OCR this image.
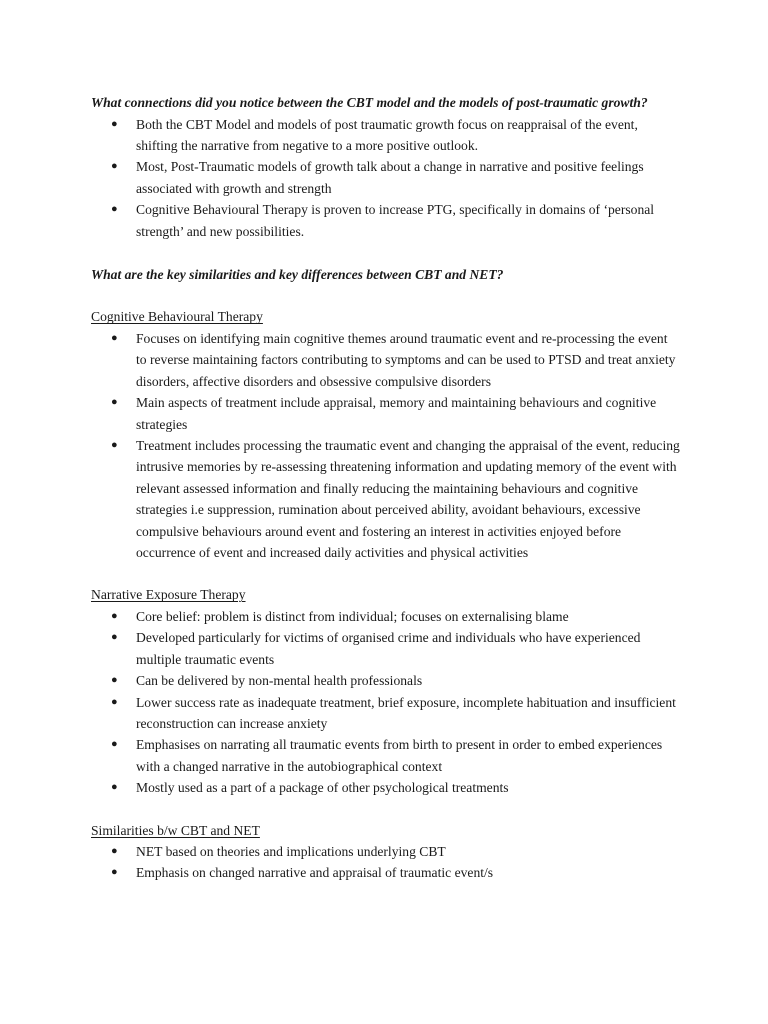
What connections did you notice between the CBT model and the models of post-traumatic growth?

● Both the CBT Model and models of post traumatic growth focus on reappraisal of the event, shifting the narrative from negative to a more positive outlook.
● Most, Post-Traumatic models of growth talk about a change in narrative and positive feelings associated with growth and strength
● Cognitive Behavioural Therapy is proven to increase PTG, specifically in domains of ‘personal strength’ and new possibilities.

What are the key similarities and key differences between CBT and NET?

Cognitive Behavioural Therapy

● Focuses on identifying main cognitive themes around traumatic event and re-processing the event to reverse maintaining factors contributing to symptoms and can be used to PTSD and treat anxiety disorders, affective disorders and obsessive compulsive disorders
● Main aspects of treatment include appraisal, memory and maintaining behaviours and cognitive strategies
● Treatment includes processing the traumatic event and changing the appraisal of the event, reducing intrusive memories by re-assessing threatening information and updating memory of the event with relevant assessed information and finally reducing the maintaining behaviours and cognitive strategies i.e suppression, rumination about perceived ability, avoidant behaviours, excessive compulsive behaviours around event and fostering an interest in activities enjoyed before occurrence of event and increased daily activities and physical activities

Narrative Exposure Therapy

● Core belief: problem is distinct from individual; focuses on externalising blame
● Developed particularly for victims of organised crime and individuals who have experienced multiple traumatic events
● Can be delivered by non-mental health professionals
● Lower success rate as inadequate treatment, brief exposure, incomplete habituation and insufficient reconstruction can increase anxiety
● Emphasises on narrating all traumatic events from birth to present in order to embed experiences with a changed narrative in the autobiographical context
● Mostly used as a part of a package of other psychological treatments

Similarities b/w CBT and NET

● NET based on theories and implications underlying CBT
● Emphasis on changed narrative and appraisal of traumatic event/s
